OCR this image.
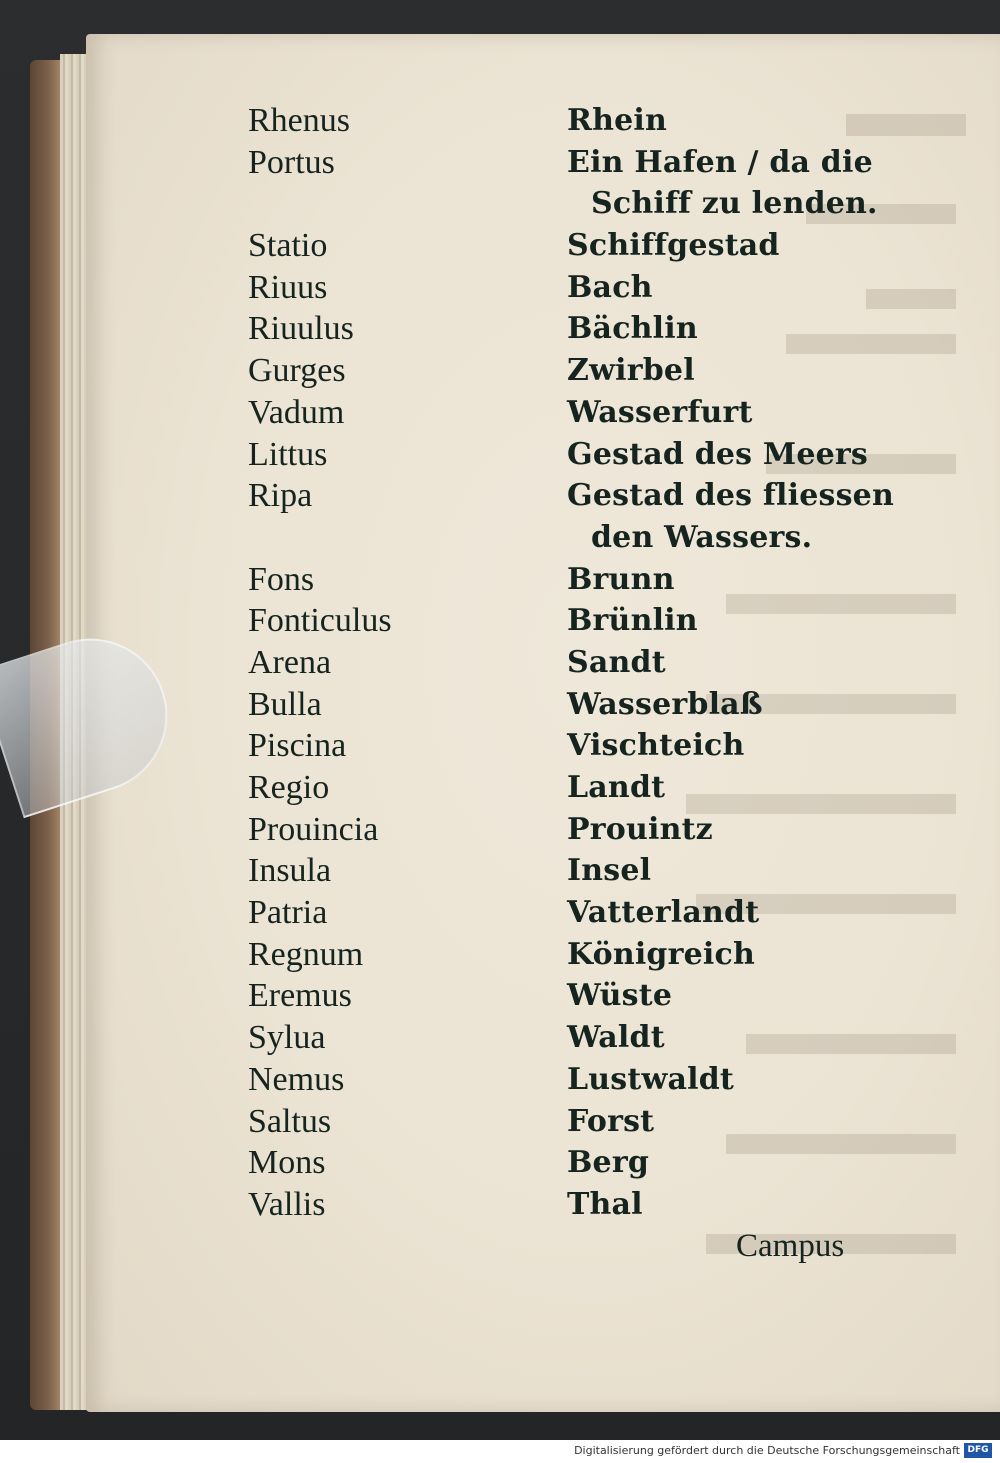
Rhenus
Portus
Statio
Riuus
Riuulus
Gurges
Vadum
Littus
Ripa
Fons
Fonticulus
Arena
Bulla
Piscina
Regio
Prouincia
Insula
Patria
Regnum
Eremus
Sylua
Nemus
Saltus
Mons
Vallis
Rhein
Ein Hafen / da die
Schiff zu lenden.
Schiffgestad
Bach
Bächlin
Zwirbel
Wasserfurt
Gestad des Meers
Gestad des fliessen
den Wassers.
Brunn
Brünlin
Sandt
Wasserblaß
Vischteich
Landt
Prouintz
Insel
Vatterlandt
Königreich
Wüste
Waldt
Lustwaldt
Forst
Berg
Thal
Campus
Digitalisierung gefördert durch die Deutsche Forschungsgemeinschaft DFG
